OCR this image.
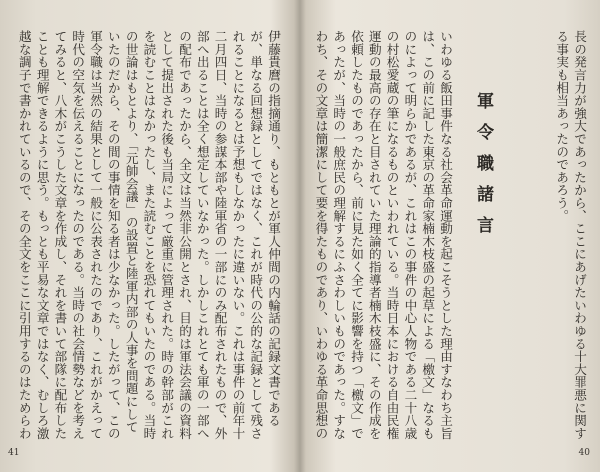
伊藤貴麿の指摘通り、もともとが軍人仲間の内輪話の記録文書であるが、単なる回想録としてではなく、これが時代の公的な記録として残されることになるとは予想もしなかったに違いない。これは事件の前年十二月四日、当時の参謀本部や陸軍省の一部にのみ配布されたもので、外部へ出ることは全く想定していなかった。しかしこれとても軍の一部への配布であったから、全文は当然非公開とされ、目的は軍法会議の資料として提出された後も当局によって厳重に管理された。時の幹部がこれを読むことはなかったし、また読むことを恐れてもいたのである。当時の世論はもとより、「元帥会議」の設置と陸軍内部の人事を問題にしていたのだから、その間の事情を知る者は少なかった。したがって、この軍令職は当然の結果として一般に公表されたのであり、これがかえって時代の空気を伝えることになったのである。当時の社会情勢などを考えてみると、八木がこうした文章を作成し、それを書いて部隊に配布したことも理解できるように思う。もっとも平易な文章ではなく、むしろ激越な調子で書かれているので、その全文をここに引用するのはためらわ
41
長の発言力が強大であったから、ここにあげたいわゆる十大罪悪に関する事実も相当あったのであろう。
軍令職諸言
いわゆる飯田事件なる社会革命運動を起こそうとした理由すなわち主旨は、この前に記した東京の革命家楠木枝盛の起草による「檄文」なるものによって明らかであるが、これはこの事件の中心人物である二十八歳の村松愛蔵の筆になるものといわれている。当時日本における自由民権運動の最高の存在と目されていた理論的指導者楠木枝盛に、その作成を依頼したものであったから、前に見た如く全てに影響を持つ「檄文」であったが、当時の一般庶民の理解するにふさわしいものであった。すなわち、その文章は簡潔にして要を得たものであり、いわゆる革命思想の
40
